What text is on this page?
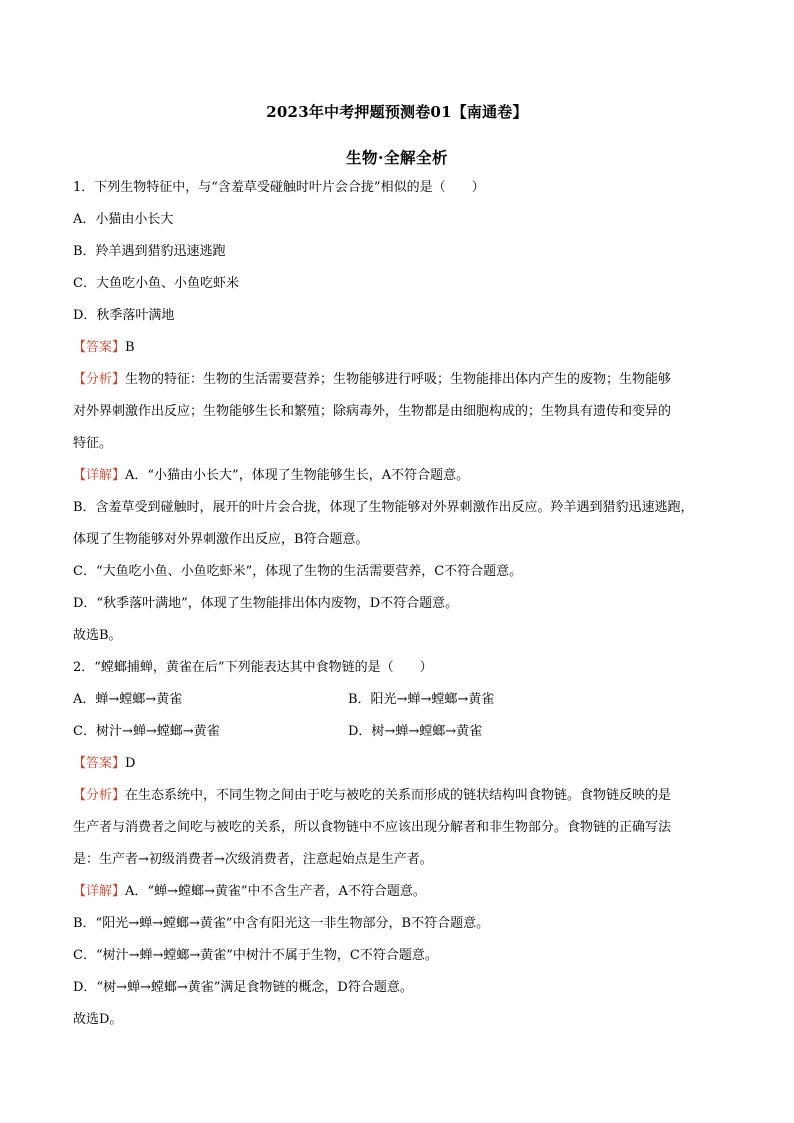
2023年中考押题预测卷01【南通卷】
生物·全解全析
1．下列生物特征中，与“含羞草受碰触时叶片会合拢”相似的是（　　）
A．小猫由小长大
B．羚羊遇到猎豹迅速逃跑
C．大鱼吃小鱼、小鱼吃虾米
D．秋季落叶满地
【答案】B
【分析】生物的特征：生物的生活需要营养；生物能够进行呼吸；生物能排出体内产生的废物；生物能够
对外界刺激作出反应；生物能够生长和繁殖；除病毒外，生物都是由细胞构成的；生物具有遗传和变异的
特征。
【详解】A．“小猫由小长大”，体现了生物能够生长，A不符合题意。
B．含羞草受到碰触时，展开的叶片会合拢，体现了生物能够对外界刺激作出反应。羚羊遇到猎豹迅速逃跑，
体现了生物能够对外界刺激作出反应，B符合题意。
C．“大鱼吃小鱼、小鱼吃虾米”，体现了生物的生活需要营养，C不符合题意。
D．“秋季落叶满地”，体现了生物能排出体内废物，D不符合题意。
故选B。
2．“螳螂捕蝉，黄雀在后”下列能表达其中食物链的是（　　）
A．蝉→螳螂→黄雀	B．阳光→蝉→螳螂→黄雀
C．树汁→蝉→螳螂→黄雀	D．树→蝉→螳螂→黄雀
【答案】D
【分析】在生态系统中，不同生物之间由于吃与被吃的关系而形成的链状结构叫食物链。食物链反映的是
生产者与消费者之间吃与被吃的关系，所以食物链中不应该出现分解者和非生物部分。食物链的正确写法
是：生产者→初级消费者→次级消费者，注意起始点是生产者。
【详解】A．“蝉→螳螂→黄雀”中不含生产者，A不符合题意。
B．“阳光→蝉→螳螂→黄雀”中含有阳光这一非生物部分，B不符合题意。
C．“树汁→蝉→螳螂→黄雀”中树汁不属于生物，C不符合题意。
D．“树→蝉→螳螂→黄雀”满足食物链的概念，D符合题意。
故选D。
